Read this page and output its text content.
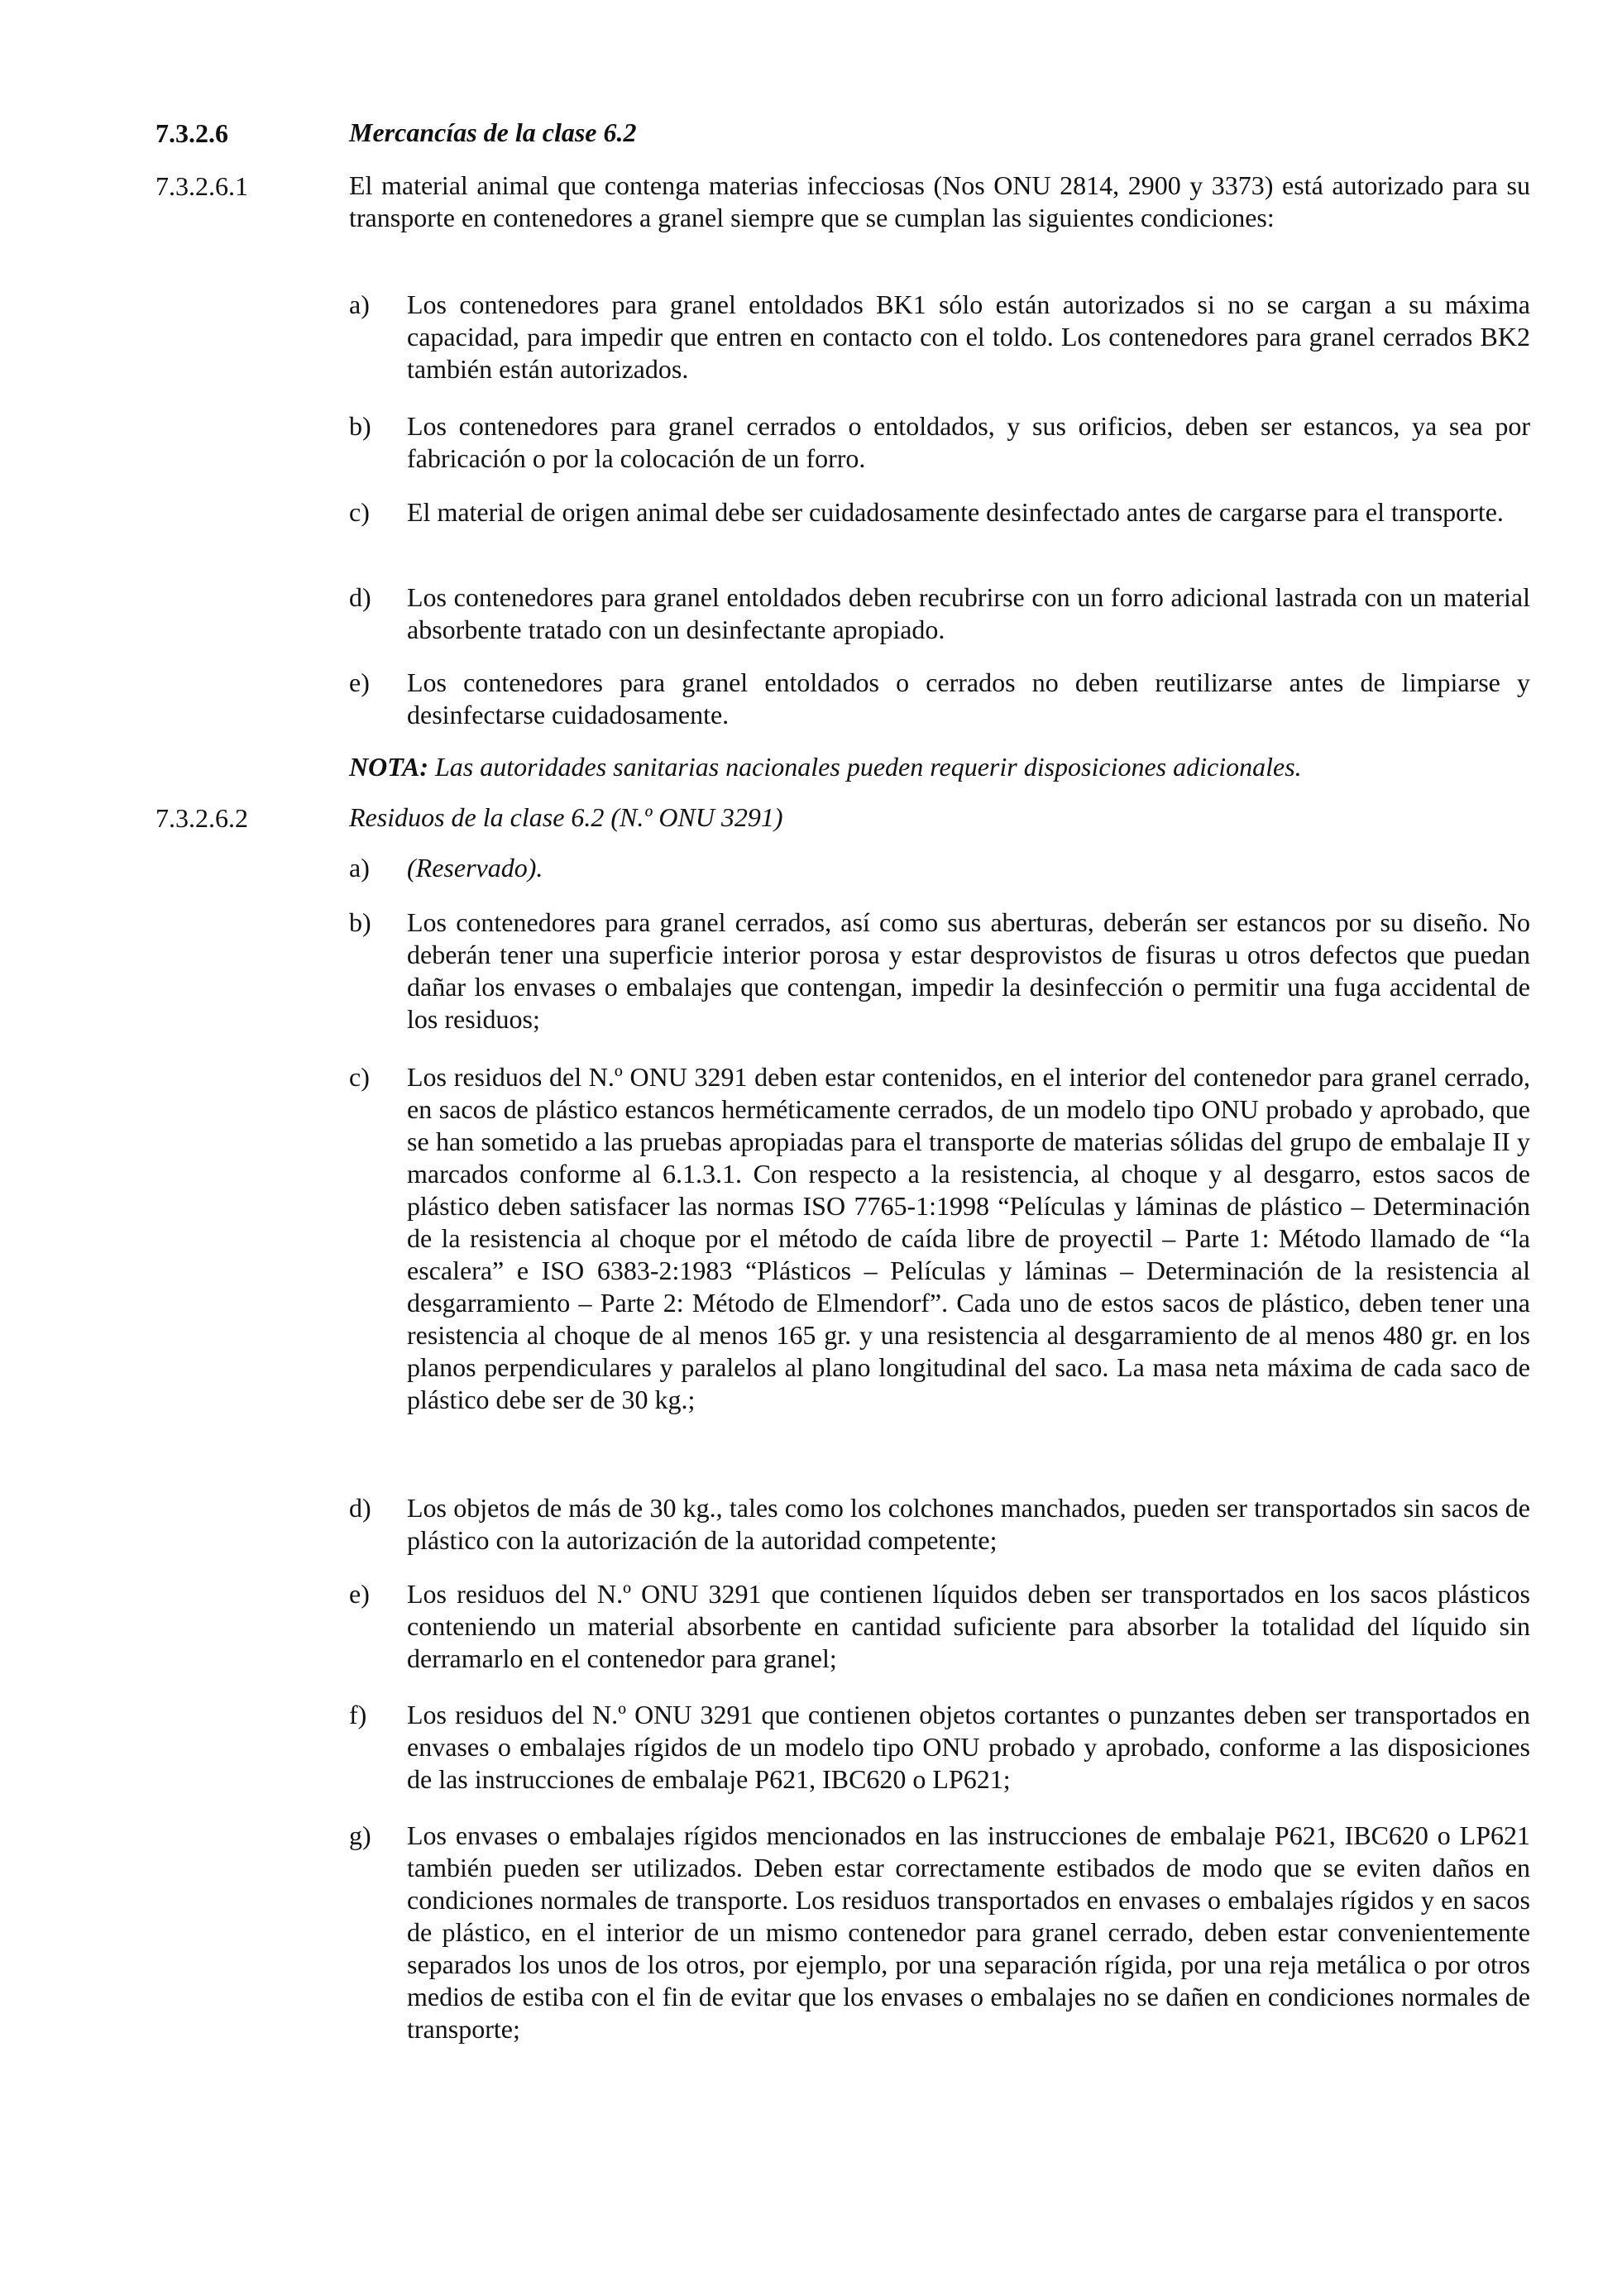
7.3.2.6	Mercancías de la clase 6.2
7.3.2.6.1	El material animal que contenga materias infecciosas (Nos ONU 2814, 2900 y 3373) está autorizado para su transporte en contenedores a granel siempre que se cumplan las siguientes condiciones:
a)	Los contenedores para granel entoldados BK1 sólo están autorizados si no se cargan a su máxima capacidad, para impedir que entren en contacto con el toldo. Los contenedores para granel cerrados BK2 también están autorizados.
b)	Los contenedores para granel cerrados o entoldados, y sus orificios, deben ser estancos, ya sea por fabricación o por la colocación de un forro.
c)	El material de origen animal debe ser cuidadosamente desinfectado antes de cargarse para el transporte.
d)	Los contenedores para granel entoldados deben recubrirse con un forro adicional lastrada con un material absorbente tratado con un desinfectante apropiado.
e)	Los contenedores para granel entoldados o cerrados no deben reutilizarse antes de limpiarse y desinfectarse cuidadosamente.
NOTA: Las autoridades sanitarias nacionales pueden requerir disposiciones adicionales.
7.3.2.6.2	Residuos de la clase 6.2 (N.º ONU 3291)
a)	(Reservado).
b)	Los contenedores para granel cerrados, así como sus aberturas, deberán ser estancos por su diseño. No deberán tener una superficie interior porosa y estar desprovistos de fisuras u otros defectos que puedan dañar los envases o embalajes que contengan, impedir la desinfección o permitir una fuga accidental de los residuos;
c)	Los residuos del N.º ONU 3291 deben estar contenidos, en el interior del contenedor para granel cerrado, en sacos de plástico estancos herméticamente cerrados, de un modelo tipo ONU probado y aprobado, que se han sometido a las pruebas apropiadas para el transporte de materias sólidas del grupo de embalaje II y marcados conforme al 6.1.3.1. Con respecto a la resistencia, al choque y al desgarro, estos sacos de plástico deben satisfacer las normas ISO 7765-1:1998 “Películas y láminas de plástico – Determinación de la resistencia al choque por el método de caída libre de proyectil – Parte 1: Método llamado de “la escalera” e ISO 6383-2:1983 “Plásticos – Películas y láminas – Determinación de la resistencia al desgarramiento – Parte 2: Método de Elmendorf”. Cada uno de estos sacos de plástico, deben tener una resistencia al choque de al menos 165 gr. y una resistencia al desgarramiento de al menos 480 gr. en los planos perpendiculares y paralelos al plano longitudinal del saco. La masa neta máxima de cada saco de plástico debe ser de 30 kg.;
d)	Los objetos de más de 30 kg., tales como los colchones manchados, pueden ser transportados sin sacos de plástico con la autorización de la autoridad competente;
e)	Los residuos del N.º ONU 3291 que contienen líquidos deben ser transportados en los sacos plásticos conteniendo un material absorbente en cantidad suficiente para absorber la totalidad del líquido sin derramarlo en el contenedor para granel;
f)	Los residuos del N.º ONU 3291 que contienen objetos cortantes o punzantes deben ser transportados en envases o embalajes rígidos de un modelo tipo ONU probado y aprobado, conforme a las disposiciones de las instrucciones de embalaje P621, IBC620 o LP621;
g)	Los envases o embalajes rígidos mencionados en las instrucciones de embalaje P621, IBC620 o LP621 también pueden ser utilizados. Deben estar correctamente estibados de modo que se eviten daños en condiciones normales de transporte. Los residuos transportados en envases o embalajes rígidos y en sacos de plástico, en el interior de un mismo contenedor para granel cerrado, deben estar convenientemente separados los unos de los otros, por ejemplo, por una separación rígida, por una reja metálica o por otros medios de estiba con el fin de evitar que los envases o embalajes no se dañen en condiciones normales de transporte;
